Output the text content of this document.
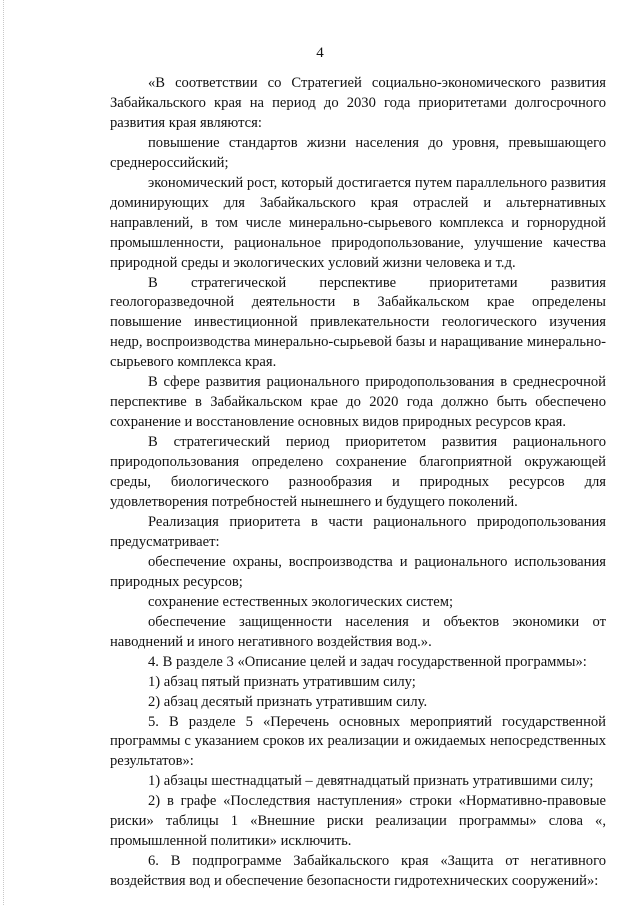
4

«В соответствии со Стратегией социально-экономического развития Забайкальского края на период до 2030 года приоритетами долгосрочного развития края являются:

повышение стандартов жизни населения до уровня, превышающего среднероссийский;

экономический рост, который достигается путем параллельного развития доминирующих для Забайкальского края отраслей и альтернативных направлений, в том числе минерально-сырьевого комплекса и горнорудной промышленности, рациональное природопользование, улучшение качества природной среды и экологических условий жизни человека и т.д.

В стратегической перспективе приоритетами развития геологоразведочной деятельности в Забайкальском крае определены повышение инвестиционной привлекательности геологического изучения недр, воспроизводства минерально-сырьевой базы и наращивание минерально-сырьевого комплекса края.

В сфере развития рационального природопользования в среднесрочной перспективе в Забайкальском крае до 2020 года должно быть обеспечено сохранение и восстановление основных видов природных ресурсов края.

В стратегический период приоритетом развития рационального природопользования определено сохранение благоприятной окружающей среды, биологического разнообразия и природных ресурсов для удовлетворения потребностей нынешнего и будущего поколений.

Реализация приоритета в части рационального природопользования предусматривает:

обеспечение охраны, воспроизводства и рационального использования природных ресурсов;

сохранение естественных экологических систем;

обеспечение защищенности населения и объектов экономики от наводнений и иного негативного воздействия вод.».

4. В разделе 3 «Описание целей и задач государственной программы»:

1) абзац пятый признать утратившим силу;

2) абзац десятый признать утратившим силу.

5. В разделе 5 «Перечень основных мероприятий государственной программы с указанием сроков их реализации и ожидаемых непосредственных результатов»:

1) абзацы шестнадцатый – девятнадцатый признать утратившими силу;

2) в графе «Последствия наступления» строки «Нормативно-правовые риски» таблицы 1 «Внешние риски реализации программы» слова «, промышленной политики» исключить.

6. В подпрограмме Забайкальского края «Защита от негативного воздействия вод и обеспечение безопасности гидротехнических сооружений»:
